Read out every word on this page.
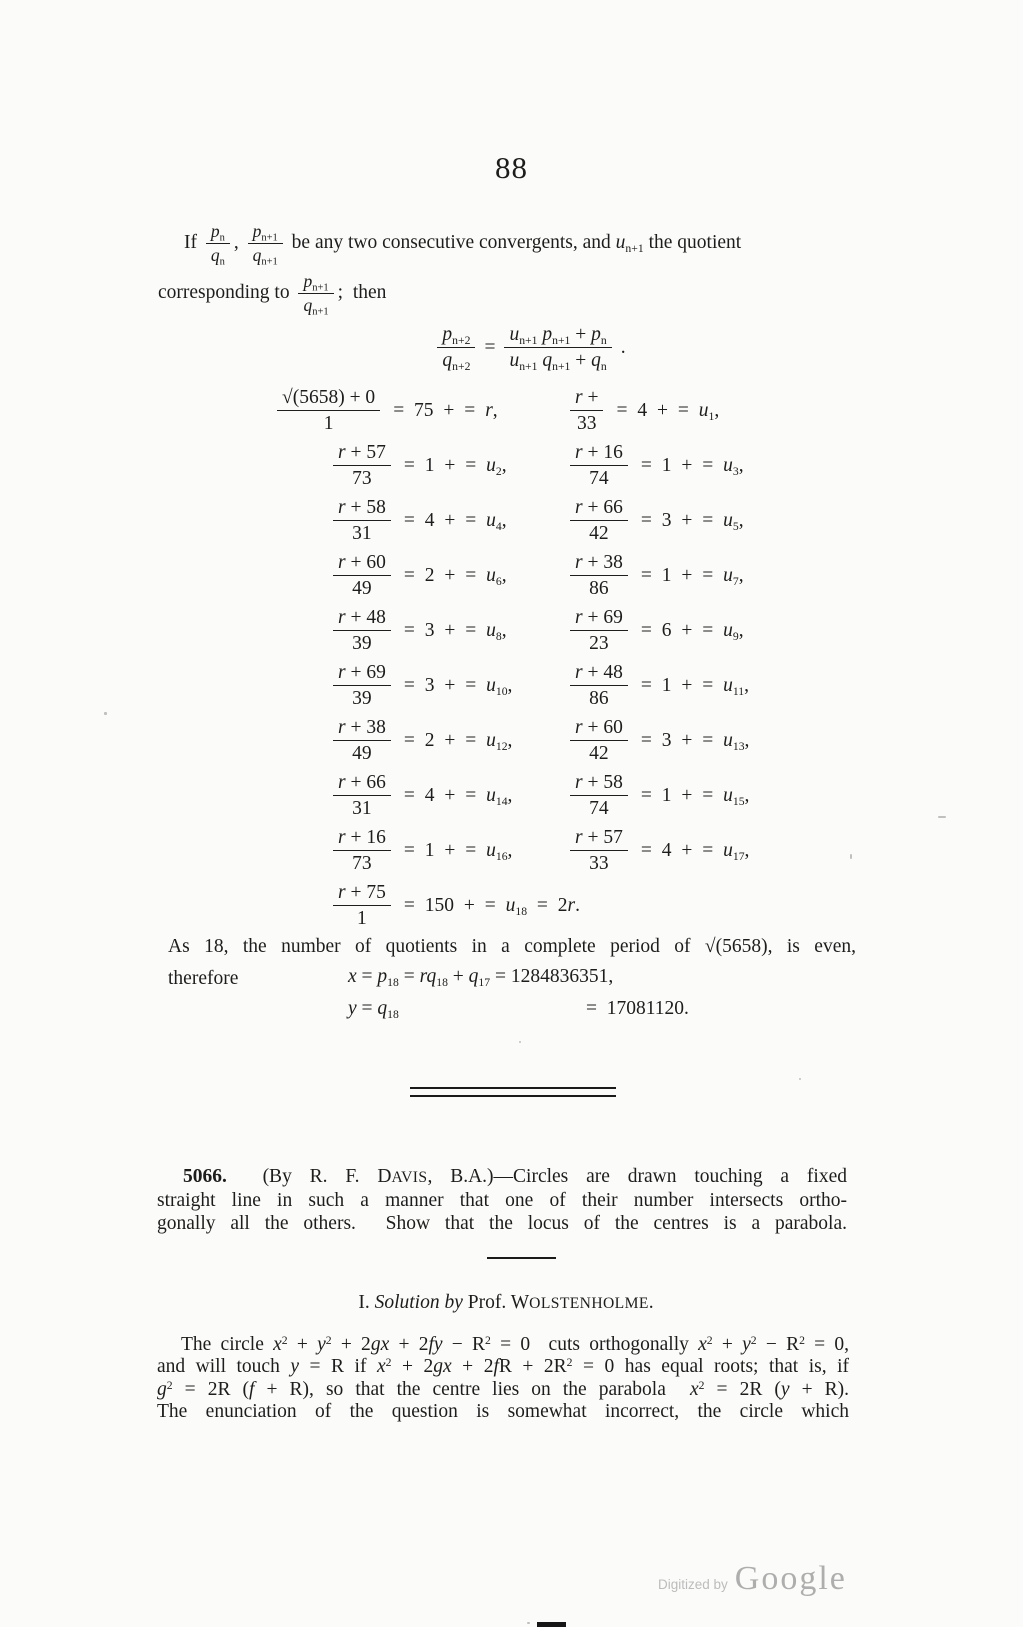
88
If $\frac{p_n}{q_n}$ , $\frac{p_{n+1}}{q_{n+1}}$ be any two consecutive convergents, and $u_{n+1}$ the quotient
corresponding to $\frac{p_{n+1}}{q_{n+1}}$ ;  then
$\frac{p_{n+2}}{q_{n+2}} = \frac{u_{n+1} p_{n+1} + p_n}{u_{n+1} q_{n+1} + q_n}$ .
$\frac{√(5658) + 0}{1} = 75$ + = r,	$\frac{r +}{33} = 4$ + = $u_1$,
$\frac{r + 57}{73} = 1$ + = $u_2$,	$\frac{r + 16}{74} = 1$ + = $u_3$,
$\frac{r + 58}{31} = 4$ + = $u_4$,	$\frac{r + 66}{42} = 3$ + = $u_5$,
$\frac{r + 60}{49} = 2$ + = $u_6$,	$\frac{r + 38}{86} = 1$ + = $u_7$,
$\frac{r + 48}{39} = 3$ + = $u_8$,	$\frac{r + 69}{23} = 6$ + = $u_9$,
$\frac{r + 69}{39} = 3$ + = $u_{10}$,	$\frac{r + 48}{86} = 1$ + = $u_{11}$,
$\frac{r + 38}{49} = 2$ + = $u_{12}$,	$\frac{r + 60}{42} = 3$ + = $u_{13}$,
$\frac{r + 66}{31} = 4$ + = $u_{14}$,	$\frac{r + 58}{74} = 1$ + = $u_{15}$,
$\frac{r + 16}{73} = 1$ + = $u_{16}$,	$\frac{r + 57}{33} = 4$ + = $u_{17}$,
$\frac{r + 75}{1} = 150$ + = $u_{18} = 2r$.
As 18, the number of quotients in a complete period of √(5658), is even,
therefore	$x = p_{18} = rq_{18} + q_{17} = 1284836351$,
$y = q_{18}$	=  17081120.
5066.  (By R. F. DAVIS, B.A.)—Circles are drawn touching a fixed
straight line in such a manner that one of their number intersects ortho-
gonally all the others.  Show that the locus of the centres is a parabola.
I. Solution by Prof. WOLSTENHOLME.
The circle $x^2 + y^2 + 2gx + 2fy - R^2 = 0$  cuts orthogonally $x^2 + y^2 - R^2 = 0$,
and will touch y = R if $x^2 + 2gx + 2fR + 2R^2 = 0$ has equal roots; that is, if
$g^2 = 2R$ (f + R), so that the centre lies on the parabola  $x^2 = 2R$ (y + R).
The enunciation of the question is somewhat incorrect, the circle which
Digitized by Google
